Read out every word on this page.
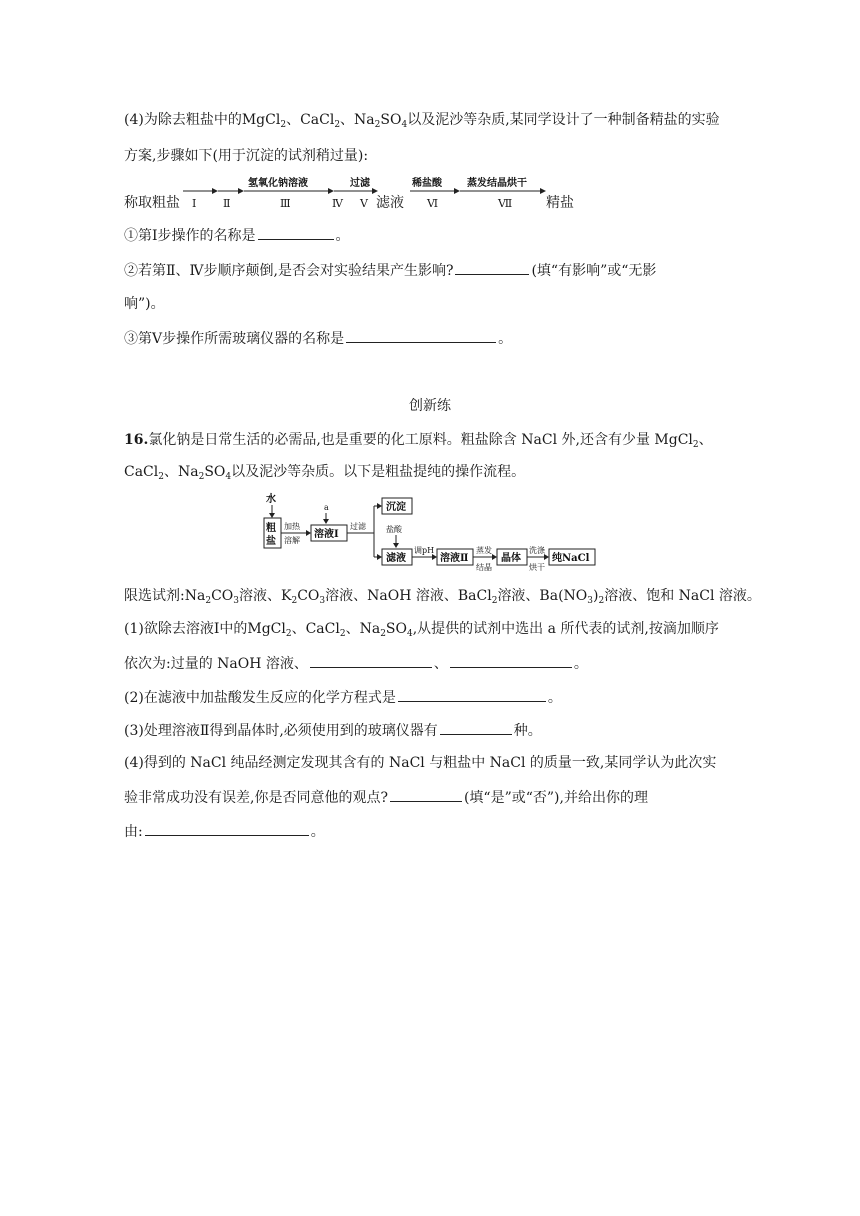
(4)为除去粗盐中的MgCl$_2$、CaCl$_2$、$Na_2SO_4$以及泥沙等杂质,某同学设计了一种制备精盐的实验
方案,步骤如下(用于沉淀的试剂稍过量):
称取粗盐 Ⅰ Ⅱ
氢氧化钠溶液
Ⅲ	Ⅳ
过滤
Ⅴ 滤液
稀盐酸
Ⅵ
蒸发结晶烘干
Ⅶ 精盐
①第Ⅰ步操作的名称是	。
②若第Ⅱ、Ⅳ步顺序颠倒,是否会对实验结果产生影响?	(填“有影响”或“无影
响”)。
③第Ⅴ步操作所需玻璃仪器的名称是	。
创新练
16.氯化钠是日常生活的必需品,也是重要的化工原料。粗盐除含 NaCl 外,还含有少量 MgCl$_2$、
CaCl$_2$、$Na_2SO_4$以及泥沙等杂质。以下是粗盐提纯的操作流程。
水
粗
盐
加热
溶解
a
溶液Ⅰ
过滤
沉淀
盐酸
滤液
调pH
溶液Ⅱ
蒸发
结晶
晶体
洗涤
烘干
纯NaCl
限选试剂$:Na_2CO_3$溶液、$K_2CO_3$溶液、NaOH 溶液、BaCl$_2$溶液、$Ba(NO_3)_2$溶液、饱和 NaCl 溶液。
(1)欲除去溶液Ⅰ中的MgCl$_2$、CaCl$_2$、$Na_2SO_4$,从提供的试剂中选出 a 所代表的试剂,按滴加顺序
依次为:过量的 NaOH 溶液、	、	。
(2)在滤液中加盐酸发生反应的化学方程式是	。
(3)处理溶液Ⅱ得到晶体时,必须使用到的玻璃仪器有	种。
(4)得到的 NaCl 纯品经测定发现其含有的 NaCl 与粗盐中 NaCl 的质量一致,某同学认为此次实
验非常成功没有误差,你是否同意他的观点?	(填“是”或“否”),并给出你的理
由:	。
